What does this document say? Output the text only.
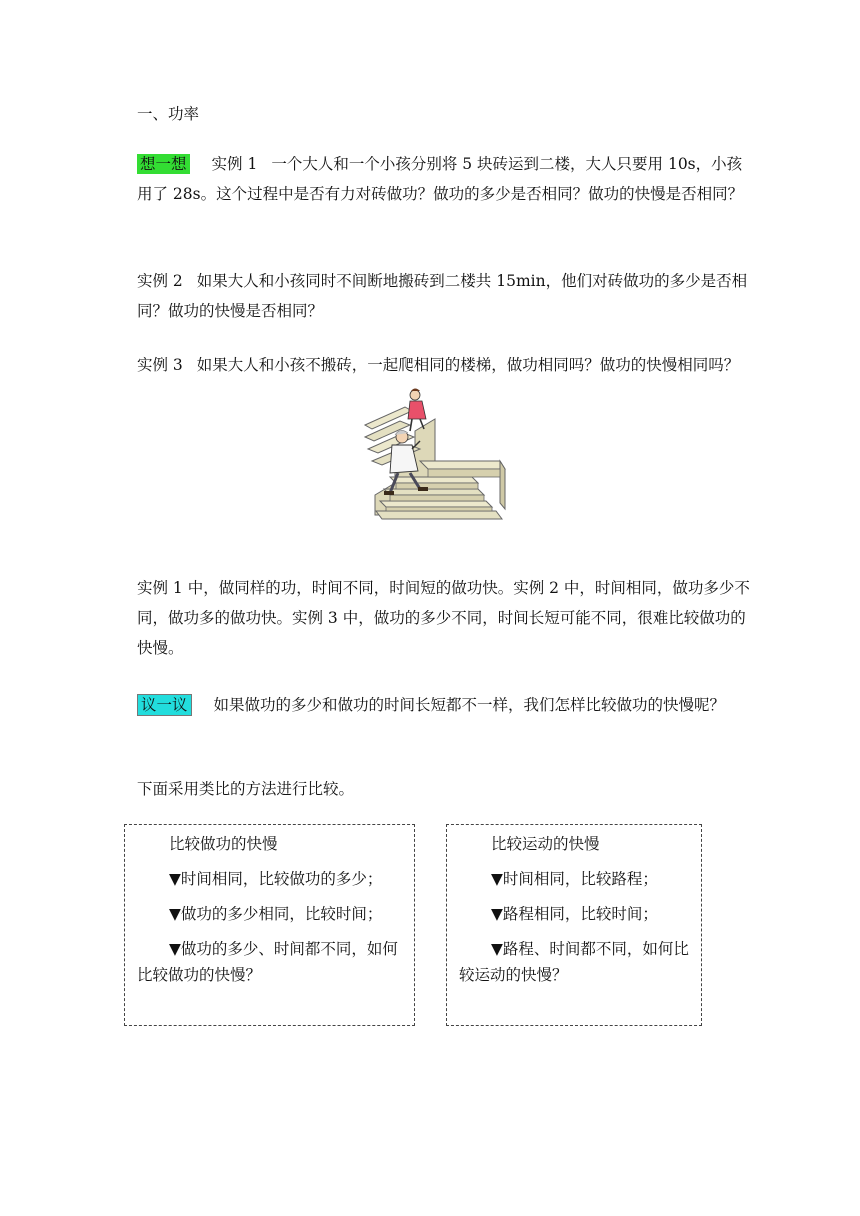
一、功率

想一想 实例 1 一个大人和一个小孩分别将 5 块砖运到二楼，大人只要用 10s，小孩用了 28s。这个过程中是否有力对砖做功？做功的多少是否相同？做功的快慢是否相同？

实例 2 如果大人和小孩同时不间断地搬砖到二楼共 15min，他们对砖做功的多少是否相同？做功的快慢是否相同？

实例 3 如果大人和小孩不搬砖，一起爬相同的楼梯，做功相同吗？做功的快慢相同吗？

实例 1 中，做同样的功，时间不同，时间短的做功快。实例 2 中，时间相同，做功多少不同，做功多的做功快。实例 3 中，做功的多少不同，时间长短可能不同，很难比较做功的快慢。

议一议 如果做功的多少和做功的时间长短都不一样，我们怎样比较做功的快慢呢？

下面采用类比的方法进行比较。

比较做功的快慢
▼时间相同，比较做功的多少；
▼做功的多少相同，比较时间；
▼做功的多少、时间都不同，如何比较做功的快慢？
比较运动的快慢
▼时间相同，比较路程；
▼路程相同，比较时间；
▼路程、时间都不同，如何比较运动的快慢？
